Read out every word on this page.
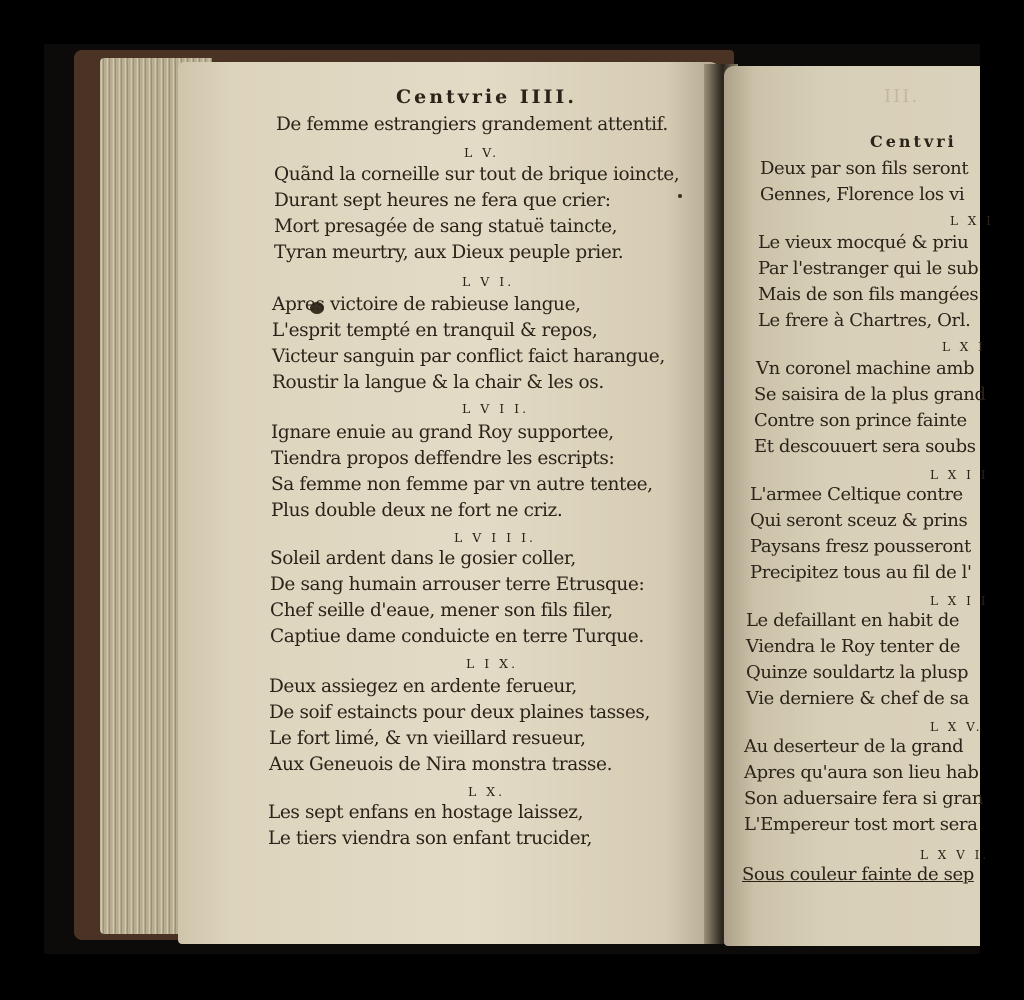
Centvrie IIII.
De femme estrangiers grandement attentif.
L V.
Quãnd la corneille sur tout de brique ioincte,
Durant sept heures ne fera que crier:
Mort presagée de sang statuë taincte,
Tyran meurtry, aux Dieux peuple prier.
L V I.
Apres victoire de rabieuse langue,
L'esprit tempté en tranquil & repos,
Victeur sanguin par conflict faict harangue,
Roustir la langue & la chair & les os.
L V I I.
Ignare enuie au grand Roy supportee,
Tiendra propos deffendre les escripts:
Sa femme non femme par vn autre tentee,
Plus double deux ne fort ne criz.
L V I I I.
Soleil ardent dans le gosier coller,
De sang humain arrouser terre Etrusque:
Chef seille d'eaue, mener son fils filer,
Captiue dame conduicte en terre Turque.
L I X.
Deux assiegez en ardente ferueur,
De soif estaincts pour deux plaines tasses,
Le fort limé, & vn vieillard resueur,
Aux Geneuois de Nira monstra trasse.
L X.
Les sept enfans en hostage laissez,
Le tiers viendra son enfant trucider,
III.
Centvri
Deux par son fils seront
Gennes, Florence los vi
L X I
Le vieux mocqué & priu
Par l'estranger qui le sub
Mais de son fils mangées
Le frere à Chartres, Orl.
L X I
Vn coronel machine amb
Se saisira de la plus grand
Contre son prince fainte
Et descouuert sera soubs
L X I I
L'armee Celtique contre
Qui seront sceuz & prins
Paysans fresz pousseront
Precipitez tous au fil de l'
L X I I
Le defaillant en habit de
Viendra le Roy tenter de
Quinze souldartz la plusp
Vie derniere & chef de sa
L X V.
Au deserteur de la grand
Apres qu'aura son lieu hab
Son aduersaire fera si gran
L'Empereur tost mort sera
L X V I.
Sous couleur fainte de sep
